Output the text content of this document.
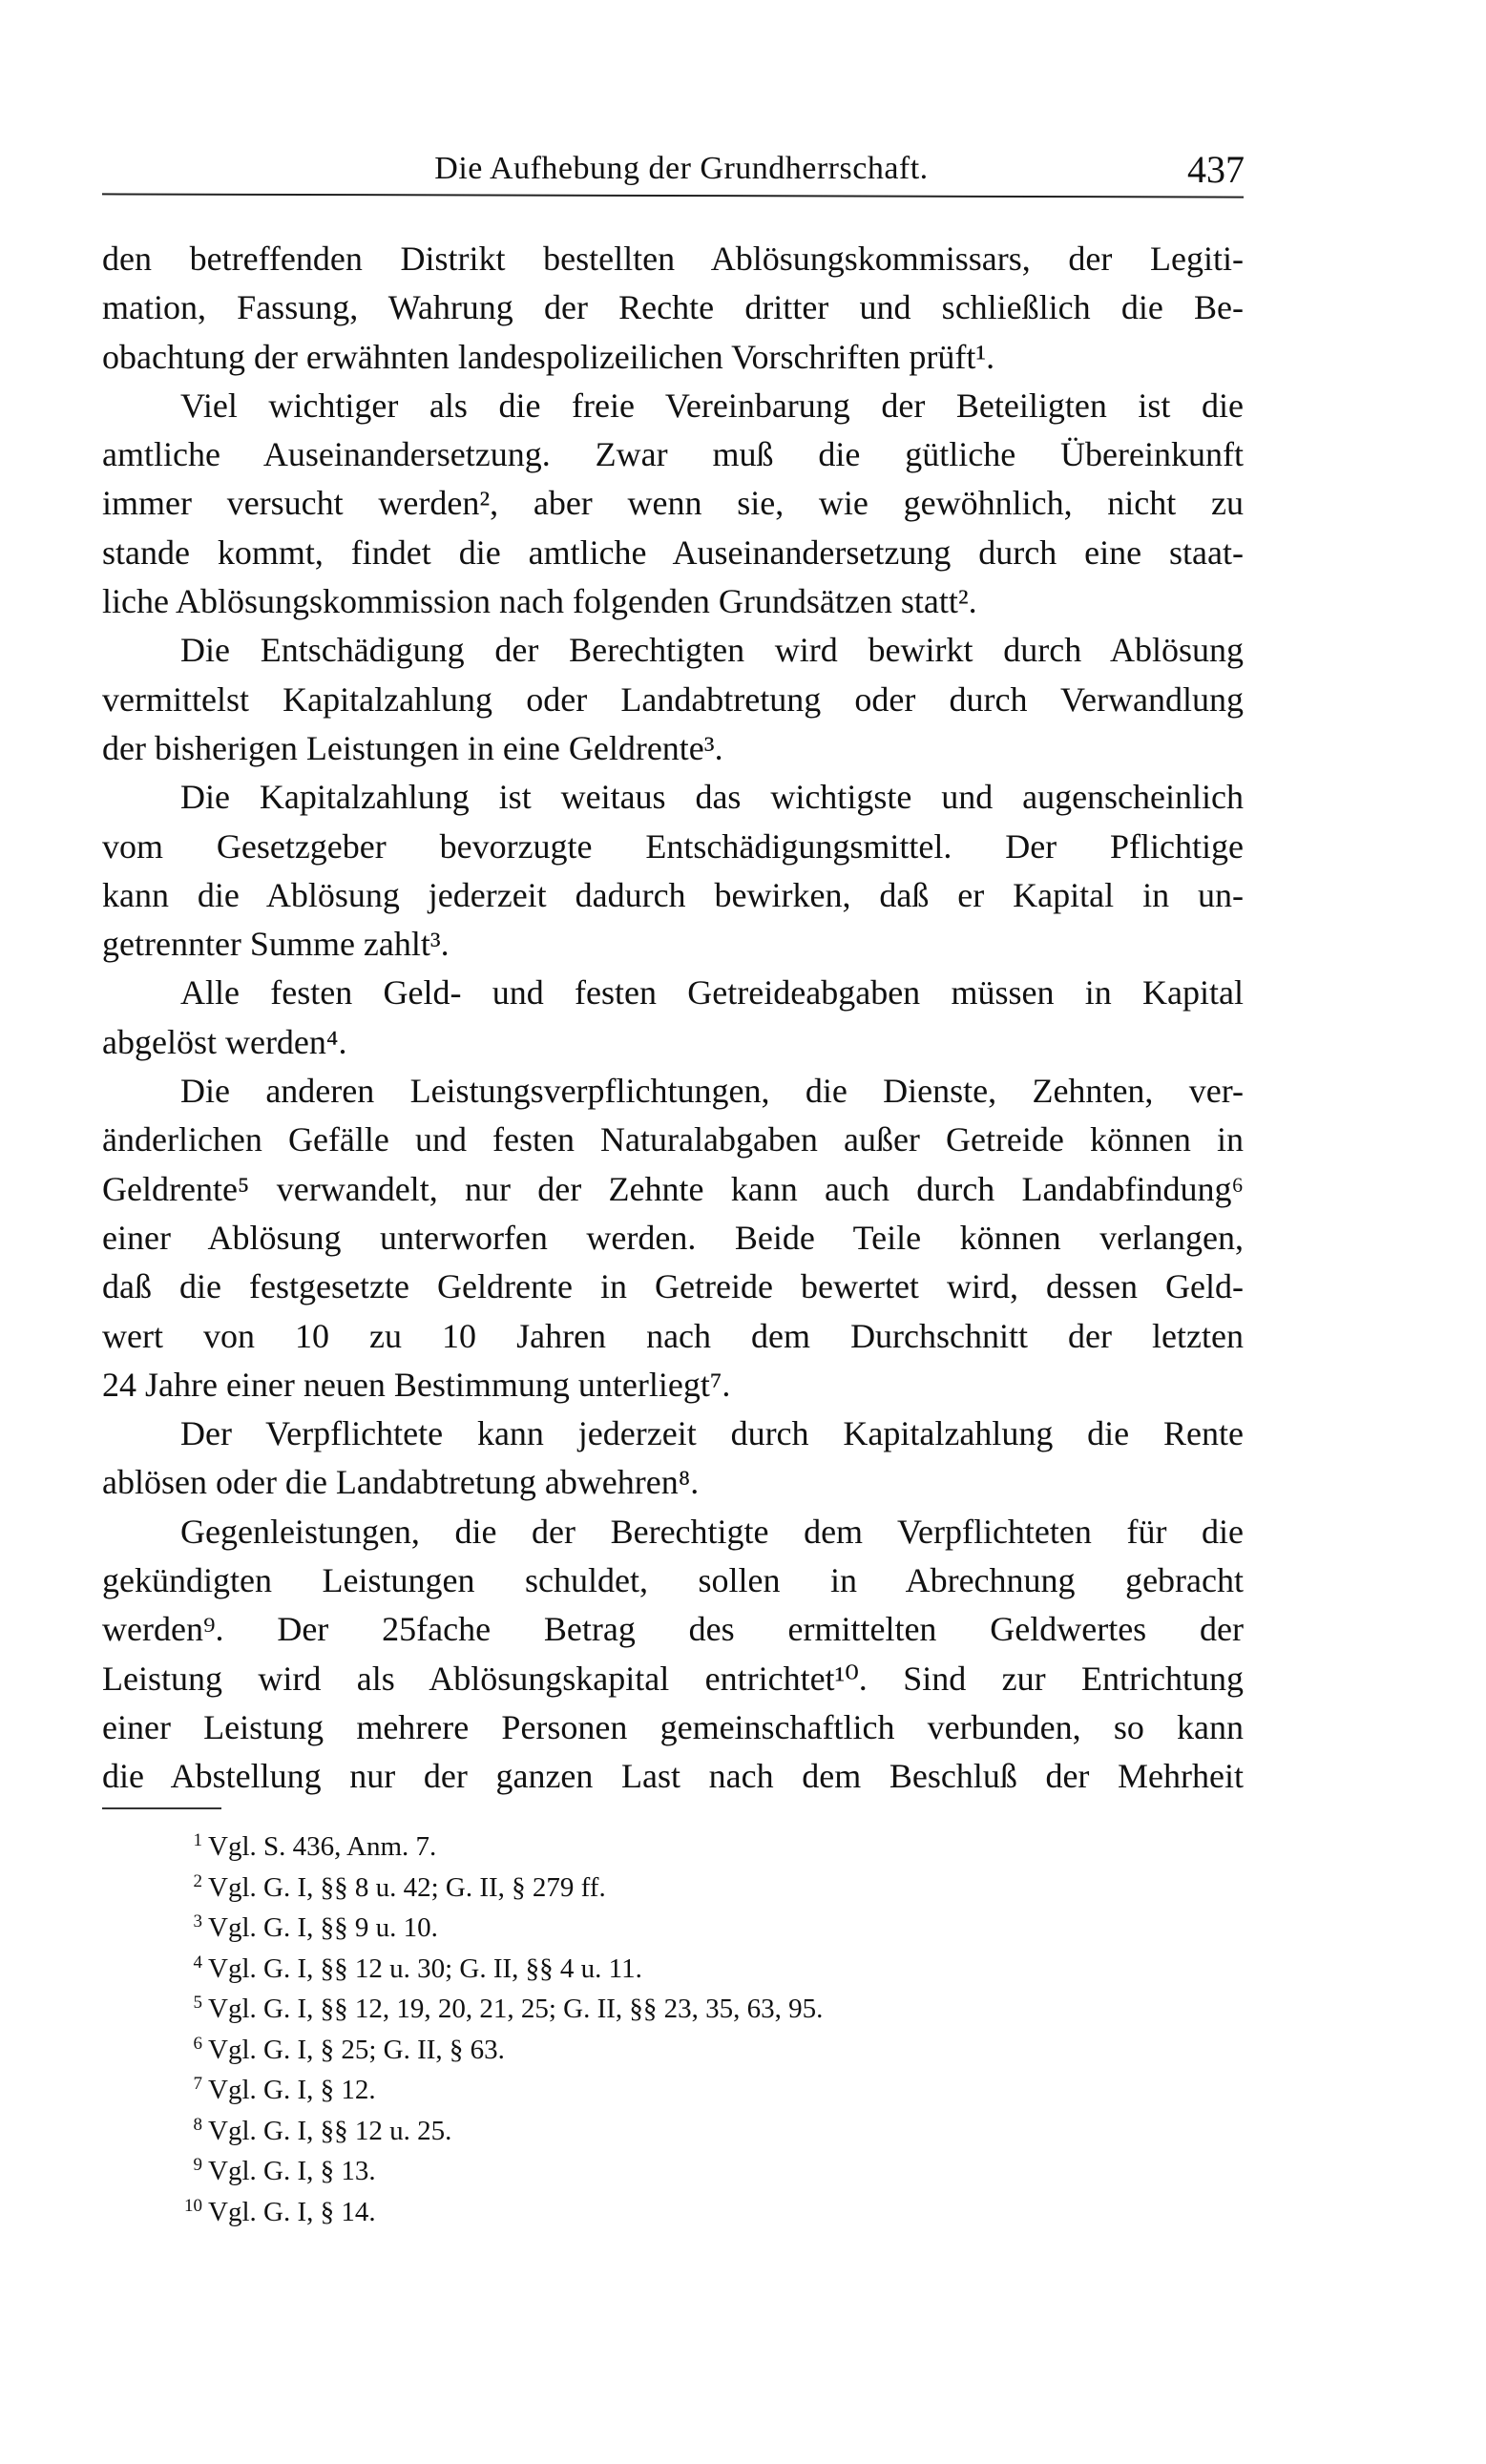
Die Aufhebung der Grundherrschaft.	437
den betreffenden Distrikt bestellten Ablösungskommissars, der Legiti-
mation, Fassung, Wahrung der Rechte dritter und schließlich die Be-
obachtung der erwähnten landespolizeilichen Vorschriften prüft¹.
Viel wichtiger als die freie Vereinbarung der Beteiligten ist die
amtliche Auseinandersetzung. Zwar muß die gütliche Übereinkunft
immer versucht werden², aber wenn sie, wie gewöhnlich, nicht zu
stande kommt, findet die amtliche Auseinandersetzung durch eine staat-
liche Ablösungskommission nach folgenden Grundsätzen statt².
Die Entschädigung der Berechtigten wird bewirkt durch Ablösung
vermittelst Kapitalzahlung oder Landabtretung oder durch Verwandlung
der bisherigen Leistungen in eine Geldrente³.
Die Kapitalzahlung ist weitaus das wichtigste und augenscheinlich
vom Gesetzgeber bevorzugte Entschädigungsmittel. Der Pflichtige
kann die Ablösung jederzeit dadurch bewirken, daß er Kapital in un-
getrennter Summe zahlt³.
Alle festen Geld- und festen Getreideabgaben müssen in Kapital
abgelöst werden⁴.
Die anderen Leistungsverpflichtungen, die Dienste, Zehnten, ver-
änderlichen Gefälle und festen Naturalabgaben außer Getreide können in
Geldrente⁵ verwandelt, nur der Zehnte kann auch durch Landabfindung⁶
einer Ablösung unterworfen werden. Beide Teile können verlangen,
daß die festgesetzte Geldrente in Getreide bewertet wird, dessen Geld-
wert von 10 zu 10 Jahren nach dem Durchschnitt der letzten
24 Jahre einer neuen Bestimmung unterliegt⁷.
Der Verpflichtete kann jederzeit durch Kapitalzahlung die Rente
ablösen oder die Landabtretung abwehren⁸.
Gegenleistungen, die der Berechtigte dem Verpflichteten für die
gekündigten Leistungen schuldet, sollen in Abrechnung gebracht
werden⁹. Der 25fache Betrag des ermittelten Geldwertes der
Leistung wird als Ablösungskapital entrichtet¹⁰. Sind zur Entrichtung
einer Leistung mehrere Personen gemeinschaftlich verbunden, so kann
die Abstellung nur der ganzen Last nach dem Beschluß der Mehrheit
1 Vgl. S. 436, Anm. 7.
2 Vgl. G. I, §§ 8 u. 42; G. II, § 279 ff.
3 Vgl. G. I, §§ 9 u. 10.
4 Vgl. G. I, §§ 12 u. 30; G. II, §§ 4 u. 11.
5 Vgl. G. I, §§ 12, 19, 20, 21, 25; G. II, §§ 23, 35, 63, 95.
6 Vgl. G. I, § 25; G. II, § 63.
7 Vgl. G. I, § 12.
8 Vgl. G. I, §§ 12 u. 25.
9 Vgl. G. I, § 13.
10 Vgl. G. I, § 14.
